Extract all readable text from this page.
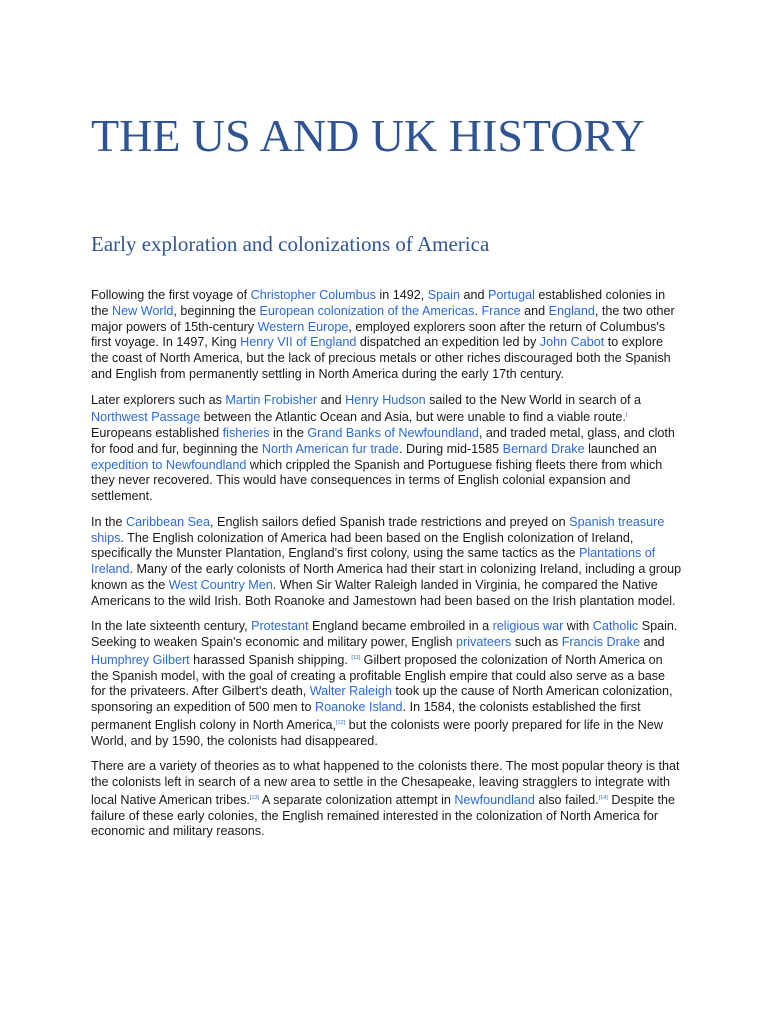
THE US AND UK HISTORY
Early exploration and colonizations of America

Following the first voyage of Christopher Columbus in 1492, Spain and Portugal established colonies in the New World, beginning the European colonization of the Americas. France and England, the two other major powers of 15th-century Western Europe, employed explorers soon after the return of Columbus's first voyage. In 1497, King Henry VII of England dispatched an expedition led by John Cabot to explore the coast of North America, but the lack of precious metals or other riches discouraged both the Spanish and English from permanently settling in North America during the early 17th century.

Later explorers such as Martin Frobisher and Henry Hudson sailed to the New World in search of a Northwest Passage between the Atlantic Ocean and Asia, but were unable to find a viable route.[ Europeans established fisheries in the Grand Banks of Newfoundland, and traded metal, glass, and cloth for food and fur, beginning the North American fur trade. During mid-1585 Bernard Drake launched an expedition to Newfoundland which crippled the Spanish and Portuguese fishing fleets there from which they never recovered. This would have consequences in terms of English colonial expansion and settlement.

In the Caribbean Sea, English sailors defied Spanish trade restrictions and preyed on Spanish treasure ships. The English colonization of America had been based on the English colonization of Ireland, specifically the Munster Plantation, England's first colony, using the same tactics as the Plantations of Ireland. Many of the early colonists of North America had their start in colonizing Ireland, including a group known as the West Country Men. When Sir Walter Raleigh landed in Virginia, he compared the Native Americans to the wild Irish. Both Roanoke and Jamestown had been based on the Irish plantation model.

In the late sixteenth century, Protestant England became embroiled in a religious war with Catholic Spain. Seeking to weaken Spain's economic and military power, English privateers such as Francis Drake and Humphrey Gilbert harassed Spanish shipping. [11] Gilbert proposed the colonization of North America on the Spanish model, with the goal of creating a profitable English empire that could also serve as a base for the privateers. After Gilbert's death, Walter Raleigh took up the cause of North American colonization, sponsoring an expedition of 500 men to Roanoke Island. In 1584, the colonists established the first permanent English colony in North America,[12] but the colonists were poorly prepared for life in the New World, and by 1590, the colonists had disappeared.

There are a variety of theories as to what happened to the colonists there. The most popular theory is that the colonists left in search of a new area to settle in the Chesapeake, leaving stragglers to integrate with local Native American tribes.[13] A separate colonization attempt in Newfoundland also failed.[14] Despite the failure of these early colonies, the English remained interested in the colonization of North America for economic and military reasons.
